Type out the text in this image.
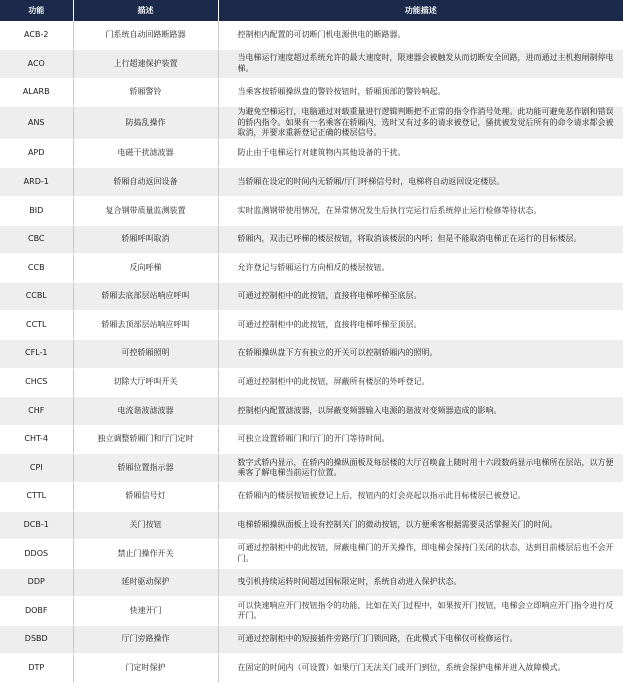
功能	描述	功能描述
ACB-2	门系统自动回路断路器	控制柜内配置的可切断门机电源供电的断路器。
ACO	上行超速保护装置	当电梯运行速度超过系统允许的最大速度时，限速器会被触发从而切断安全回路，进而通过主机抱闸制停电梯。
ALARB	轿厢警铃	当乘客按轿厢操纵盘的警铃按钮时，轿厢顶部的警铃响起。
ANS	防捣乱操作	为避免空梯运行，电脑通过对载重量进行逻辑判断把不正常的指令作消号处理。此功能可避免恶作剧和错误的轿内指令。如果有一名乘客在轿厢内，选时又有过多的请求被登记，骚扰被发觉后所有的命令请求都会被取消，并要求重新登记正确的楼层信号。
APD	电磁干扰滤波器	防止由于电梯运行对建筑物内其他设备的干扰。
ARD-1	轿厢自动返回设备	当轿厢在设定的时间内无轿厢/厅门呼梯信号时，电梯将自动返回设定楼层。
BID	复合钢带质量监测装置	实时监测钢带使用情况，在异常情况发生后执行完运行后系统停止运行检修等待状态。
CBC	轿厢呼叫取消	轿厢内，双击已呼梯的楼层按钮，将取消该楼层的内呼；但是不能取消电梯正在运行的目标楼层。
CCB	反向呼梯	允许登记与轿厢运行方向相反的楼层按钮。
CCBL	轿厢去底部层站响应呼叫	可通过控制柜中的此按钮，直接将电梯呼梯至底层。
CCTL	轿厢去顶部层站响应呼叫	可通过控制柜中的此按钮，直接将电梯呼梯至顶层。
CFL-1	可控轿厢照明	在轿厢操纵盘下方有独立的开关可以控制轿厢内的照明。
CHCS	切除大厅呼叫开关	可通过控制柜中的此按钮，屏蔽所有楼层的外呼登记。
CHF	电流谐波滤波器	控制柜内配置滤波器，以屏蔽变频器输入电源的谐波对变频器造成的影响。
CHT-4	独立调整轿厢门和厅门定时	可独立设置轿厢门和厅门的开门等待时间。
CPI	轿厢位置指示器	数字式轿内显示，在轿内的操纵面板及每层楼的大厅召唤盒上随时用十六段数码显示电梯所在层站，以方便乘客了解电梯当前运行位置。
CTTL	轿厢信号灯	在轿厢内的楼层按钮被登记上后，按钮内的灯会亮起以指示此目标楼层已被登记。
DCB-1	关门按钮	电梯轿厢操纵面板上设有控制关门的微动按钮，以方便乘客根据需要灵活掌握关门的时间。
DDOS	禁止门操作开关	可通过控制柜中的此按钮，屏蔽电梯门的开关操作，即电梯会保持门关闭的状态，达到目前楼层后也不会开门。
DDP	延时驱动保护	曳引机持续运转时间超过国标限定时，系统自动进入保护状态。
DOBF	快速开门	可以快速响应开门按钮指令的功能，比如在关门过程中，如果按开门按钮，电梯会立即响应开门指令进行反开门。
DSBD	厅门旁路操作	可通过控制柜中的短接插件旁路厅门门锁回路，在此模式下电梯仅可检修运行。
DTP	门定时保护	在固定的时间内（可设置）如果厅门无法关门或开门到位，系统会保护电梯并进入故障模式。
